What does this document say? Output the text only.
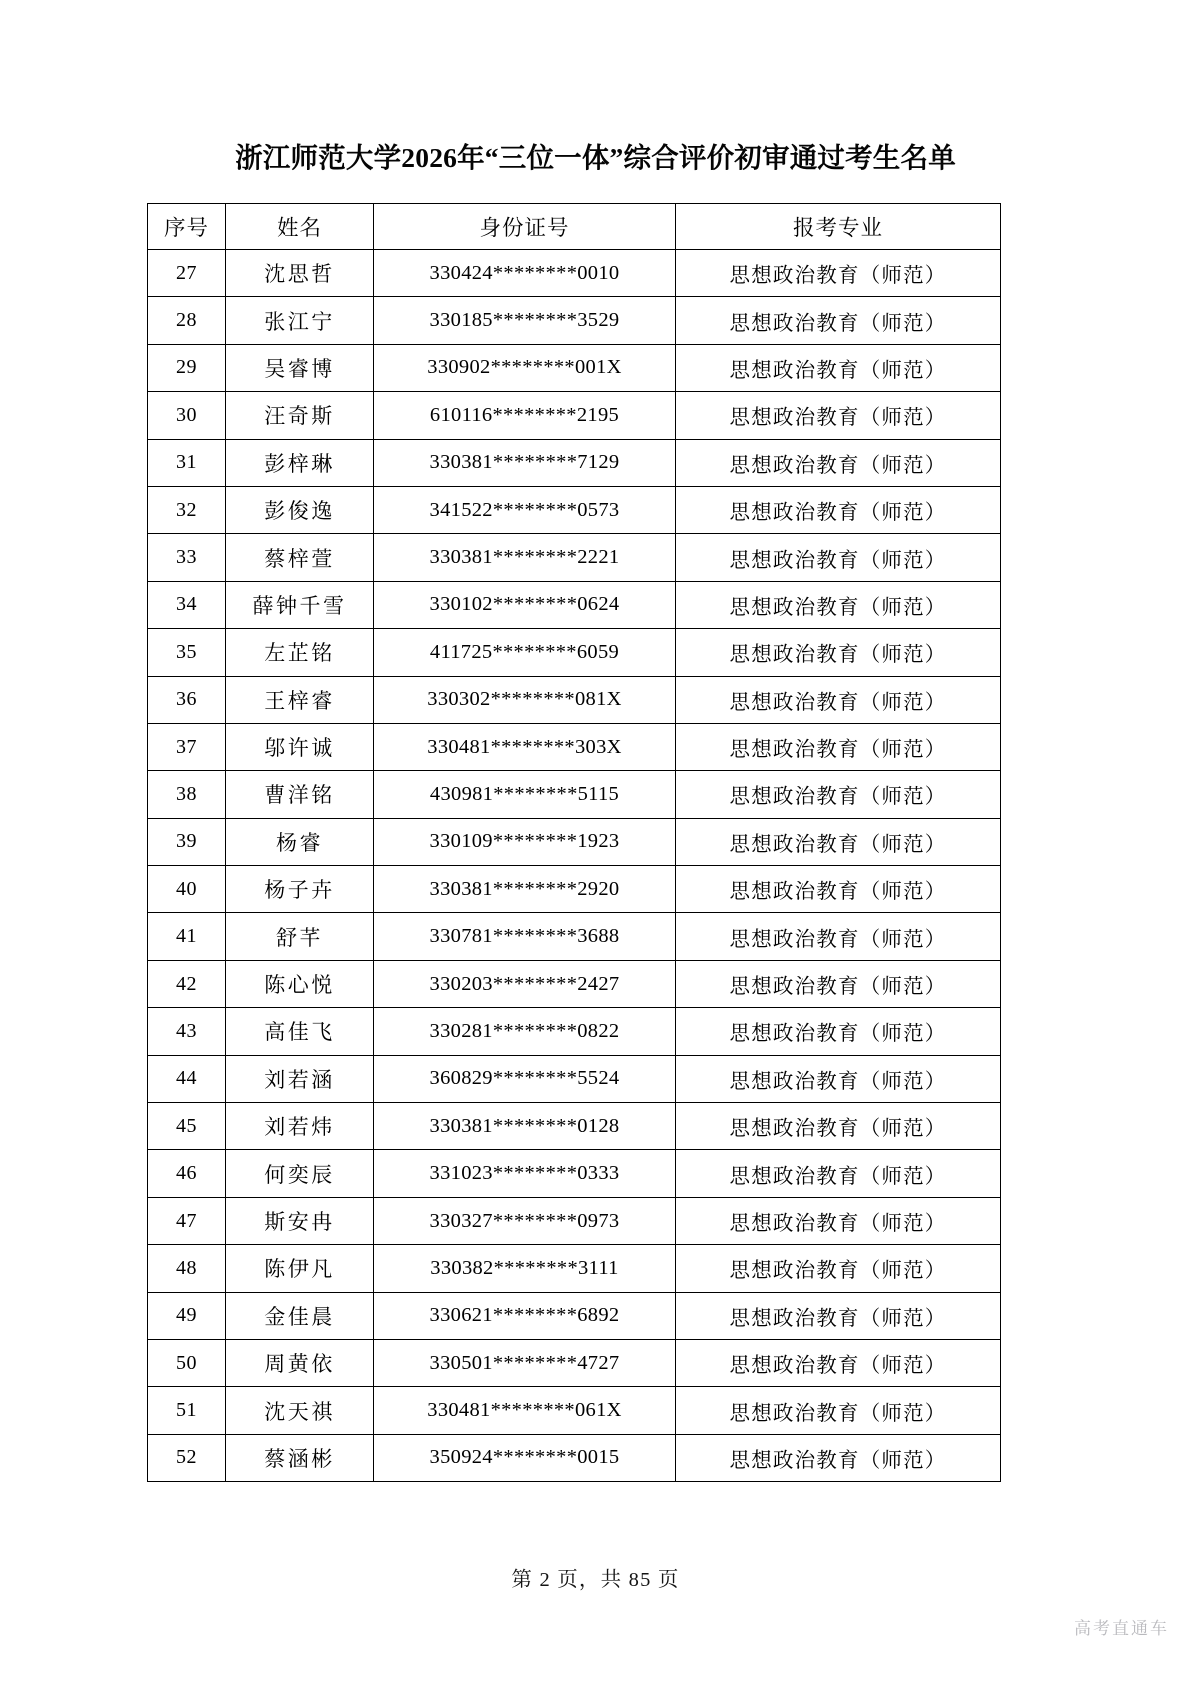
浙江师范大学2026年“三位一体”综合评价初审通过考生名单
序号	姓名	身份证号	报考专业
27	沈思哲	330424********0010	思想政治教育（师范）
28	张江宁	330185********3529	思想政治教育（师范）
29	吴睿博	330902********001X	思想政治教育（师范）
30	汪奇斯	610116********2195	思想政治教育（师范）
31	彭梓琳	330381********7129	思想政治教育（师范）
32	彭俊逸	341522********0573	思想政治教育（师范）
33	蔡梓萱	330381********2221	思想政治教育（师范）
34	薛钟千雪	330102********0624	思想政治教育（师范）
35	左芷铭	411725********6059	思想政治教育（师范）
36	王梓睿	330302********081X	思想政治教育（师范）
37	邬许诚	330481********303X	思想政治教育（师范）
38	曹洋铭	430981********5115	思想政治教育（师范）
39	杨睿	330109********1923	思想政治教育（师范）
40	杨子卉	330381********2920	思想政治教育（师范）
41	舒芊	330781********3688	思想政治教育（师范）
42	陈心悦	330203********2427	思想政治教育（师范）
43	高佳飞	330281********0822	思想政治教育（师范）
44	刘若涵	360829********5524	思想政治教育（师范）
45	刘若炜	330381********0128	思想政治教育（师范）
46	何奕辰	331023********0333	思想政治教育（师范）
47	斯安冉	330327********0973	思想政治教育（师范）
48	陈伊凡	330382********3111	思想政治教育（师范）
49	金佳晨	330621********6892	思想政治教育（师范）
50	周黄依	330501********4727	思想政治教育（师范）
51	沈天祺	330481********061X	思想政治教育（师范）
52	蔡涵彬	350924********0015	思想政治教育（师范）
第 2 页，共 85 页
高考直通车
